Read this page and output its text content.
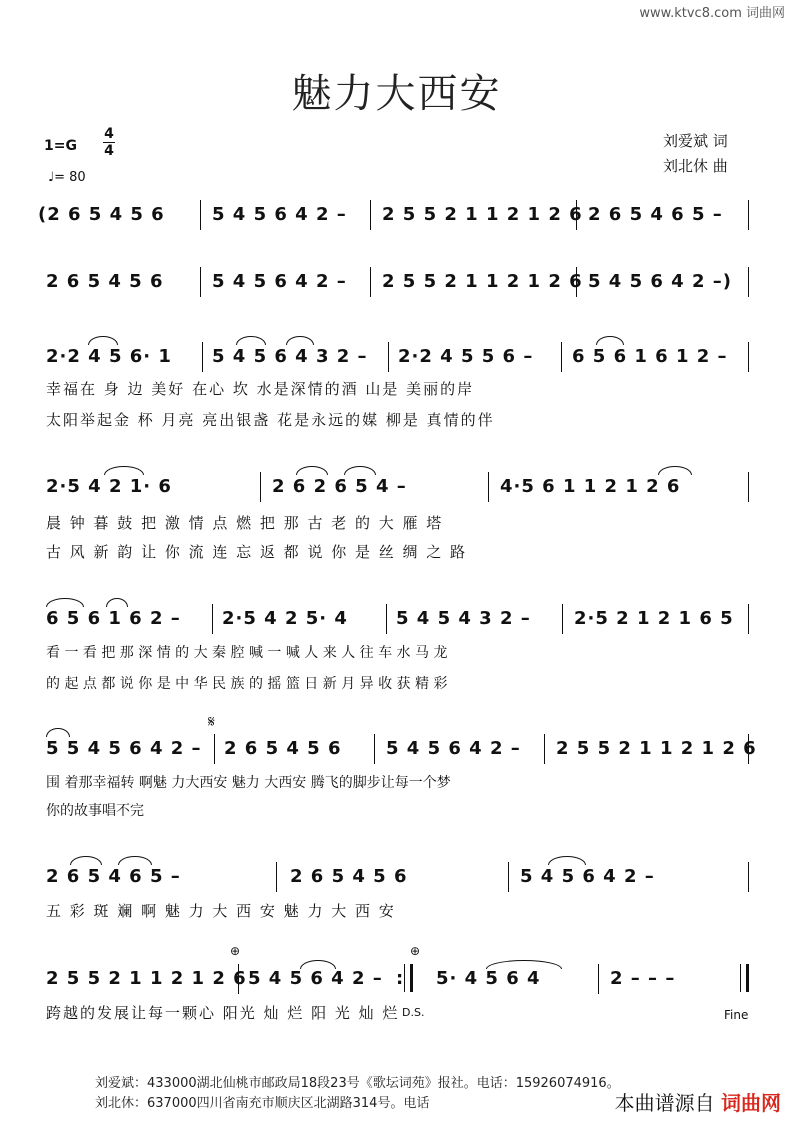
www.ktvc8.com 词曲网
魅力大西安
1=G
4
4
♩= 80
刘爱斌 词
刘北休 曲
(2 6 5 4 5 6	5 4 5 6 4 2 – 2 5 5 2 1 1 2 1 2 6 2 6 5 4 6 5 –
2 6 5 4 5 6	5 4 5 6 4 2 – 2 5 5 2 1 1 2 1 2 6 5 4 5 6 4 2 –)
2·2 4 5 6· 1 5 4 5 6 4 3 2 – 2·2 4 5 5 6 – 6 5 6 1 6 1 2 –
幸福在 身 边 美好 在心 坎 水是深情的酒 山是 美丽的岸
太阳举起金 杯 月亮 亮出银盏 花是永远的媒 柳是 真情的伴
2·5 4 2 1· 6	2 6 2 6 5 4 –	4·5 6 1 1 2 1 2 6
晨 钟 暮 鼓 把 激 情 点 燃 把 那 古 老 的 大 雁 塔
古 风 新 韵 让 你 流 连 忘 返 都 说 你 是 丝 绸 之 路
6 5 6 1 6 2 – 2·5 4 2 5· 4	5 4 5 4 3 2 – 2·5 2 1 2 1 6 5
看 一 看 把 那 深 情 的 大 秦 腔 喊 一 喊 人 来 人 往 车 水 马 龙
的 起 点 都 说 你 是 中 华 民 族 的 摇 篮 日 新 月 异 收 获 精 彩
𝄋
5 5 4 5 6 4 2 – 2 6 5 4 5 6 5 4 5 6 4 2 – 2 5 5 2 1 1 2 1 2 6
围 着那幸福转 啊魅 力大西安 魅力 大西安 腾飞的脚步让每一个梦
你的故事唱不完
2 6 5 4 6 5 –	2 6 5 4 5 6	5 4 5 6 4 2 –
五 彩 斑 斓 啊 魅 力 大 西 安 魅 力 大 西 安
⊕	⊕
2 5 5 2 1 1 2 1 2 6 5 4 5 6 4 2 – : 5· 4 5 6 4	2 – – –
跨越的发展让每一颗心 阳光 灿 烂 阳 光 灿 烂 D.S.	Fine
刘爱斌：433000湖北仙桃市邮政局18段23号《歌坛词苑》报社。电话：15926074916。
刘北休：637000四川省南充市顺庆区北湖路314号。电话	本曲谱源自 词曲网
